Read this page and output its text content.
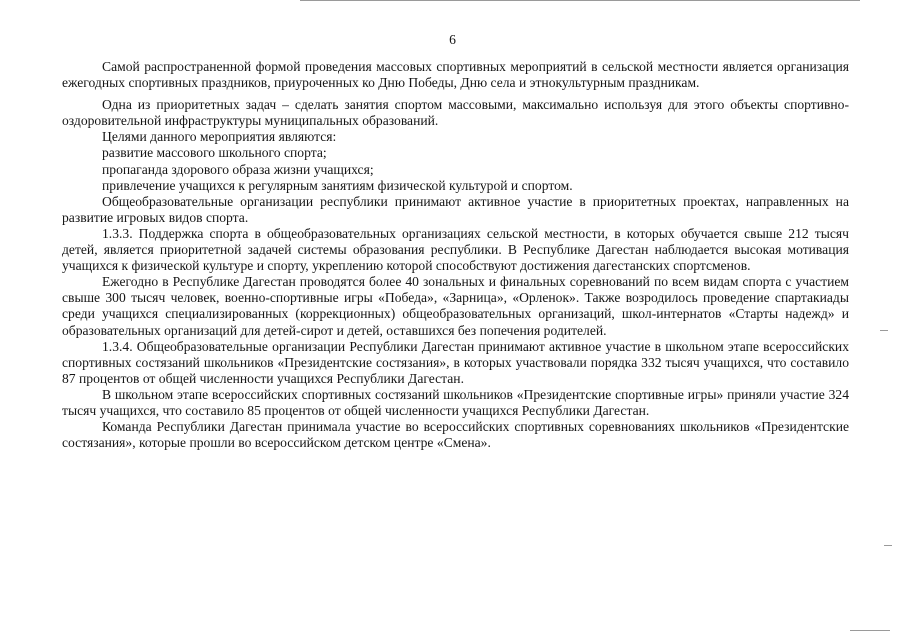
6

Самой распространенной формой проведения массовых спортивных мероприятий в сельской местности является организация ежегодных спортивных праздников, приуроченных ко Дню Победы, Дню села и этнокультурным праздникам.

Одна из приоритетных задач – сделать занятия спортом массовыми, максимально используя для этого объекты спортивно-оздоровительной инфраструктуры муниципальных образований.

Целями данного мероприятия являются:

развитие массового школьного спорта;

пропаганда здорового образа жизни учащихся;

привлечение учащихся к регулярным занятиям физической культурой и спортом.

Общеобразовательные организации республики принимают активное участие в приоритетных проектах, направленных на развитие игровых видов спорта.

1.3.3. Поддержка спорта в общеобразовательных организациях сельской местности, в которых обучается свыше 212 тысяч детей, является приоритетной задачей системы образования республики. В Республике Дагестан наблюдается высокая мотивация учащихся к физической культуре и спорту, укреплению которой способствуют достижения дагестанских спортсменов.

Ежегодно в Республике Дагестан проводятся более 40 зональных и финальных соревнований по всем видам спорта с участием свыше 300 тысяч человек, военно-спортивные игры «Победа», «Зарница», «Орленок». Также возродилось проведение спартакиады среди учащихся специализированных (коррекционных) общеобразовательных организаций, школ-интернатов «Старты надежд» и образовательных организаций для детей-сирот и детей, оставшихся без попечения родителей.

1.3.4. Общеобразовательные организации Республики Дагестан принимают активное участие в школьном этапе всероссийских спортивных состязаний школьников «Президентские состязания», в которых участвовали порядка 332 тысяч учащихся, что составило 87 процентов от общей численности учащихся Республики Дагестан.

В школьном этапе всероссийских спортивных состязаний школьников «Президентские спортивные игры» приняли участие 324 тысяч учащихся, что составило 85 процентов от общей численности учащихся Республики Дагестан.

Команда Республики Дагестан принимала участие во всероссийских спортивных соревнованиях школьников «Президентские состязания», которые прошли во всероссийском детском центре «Смена».
